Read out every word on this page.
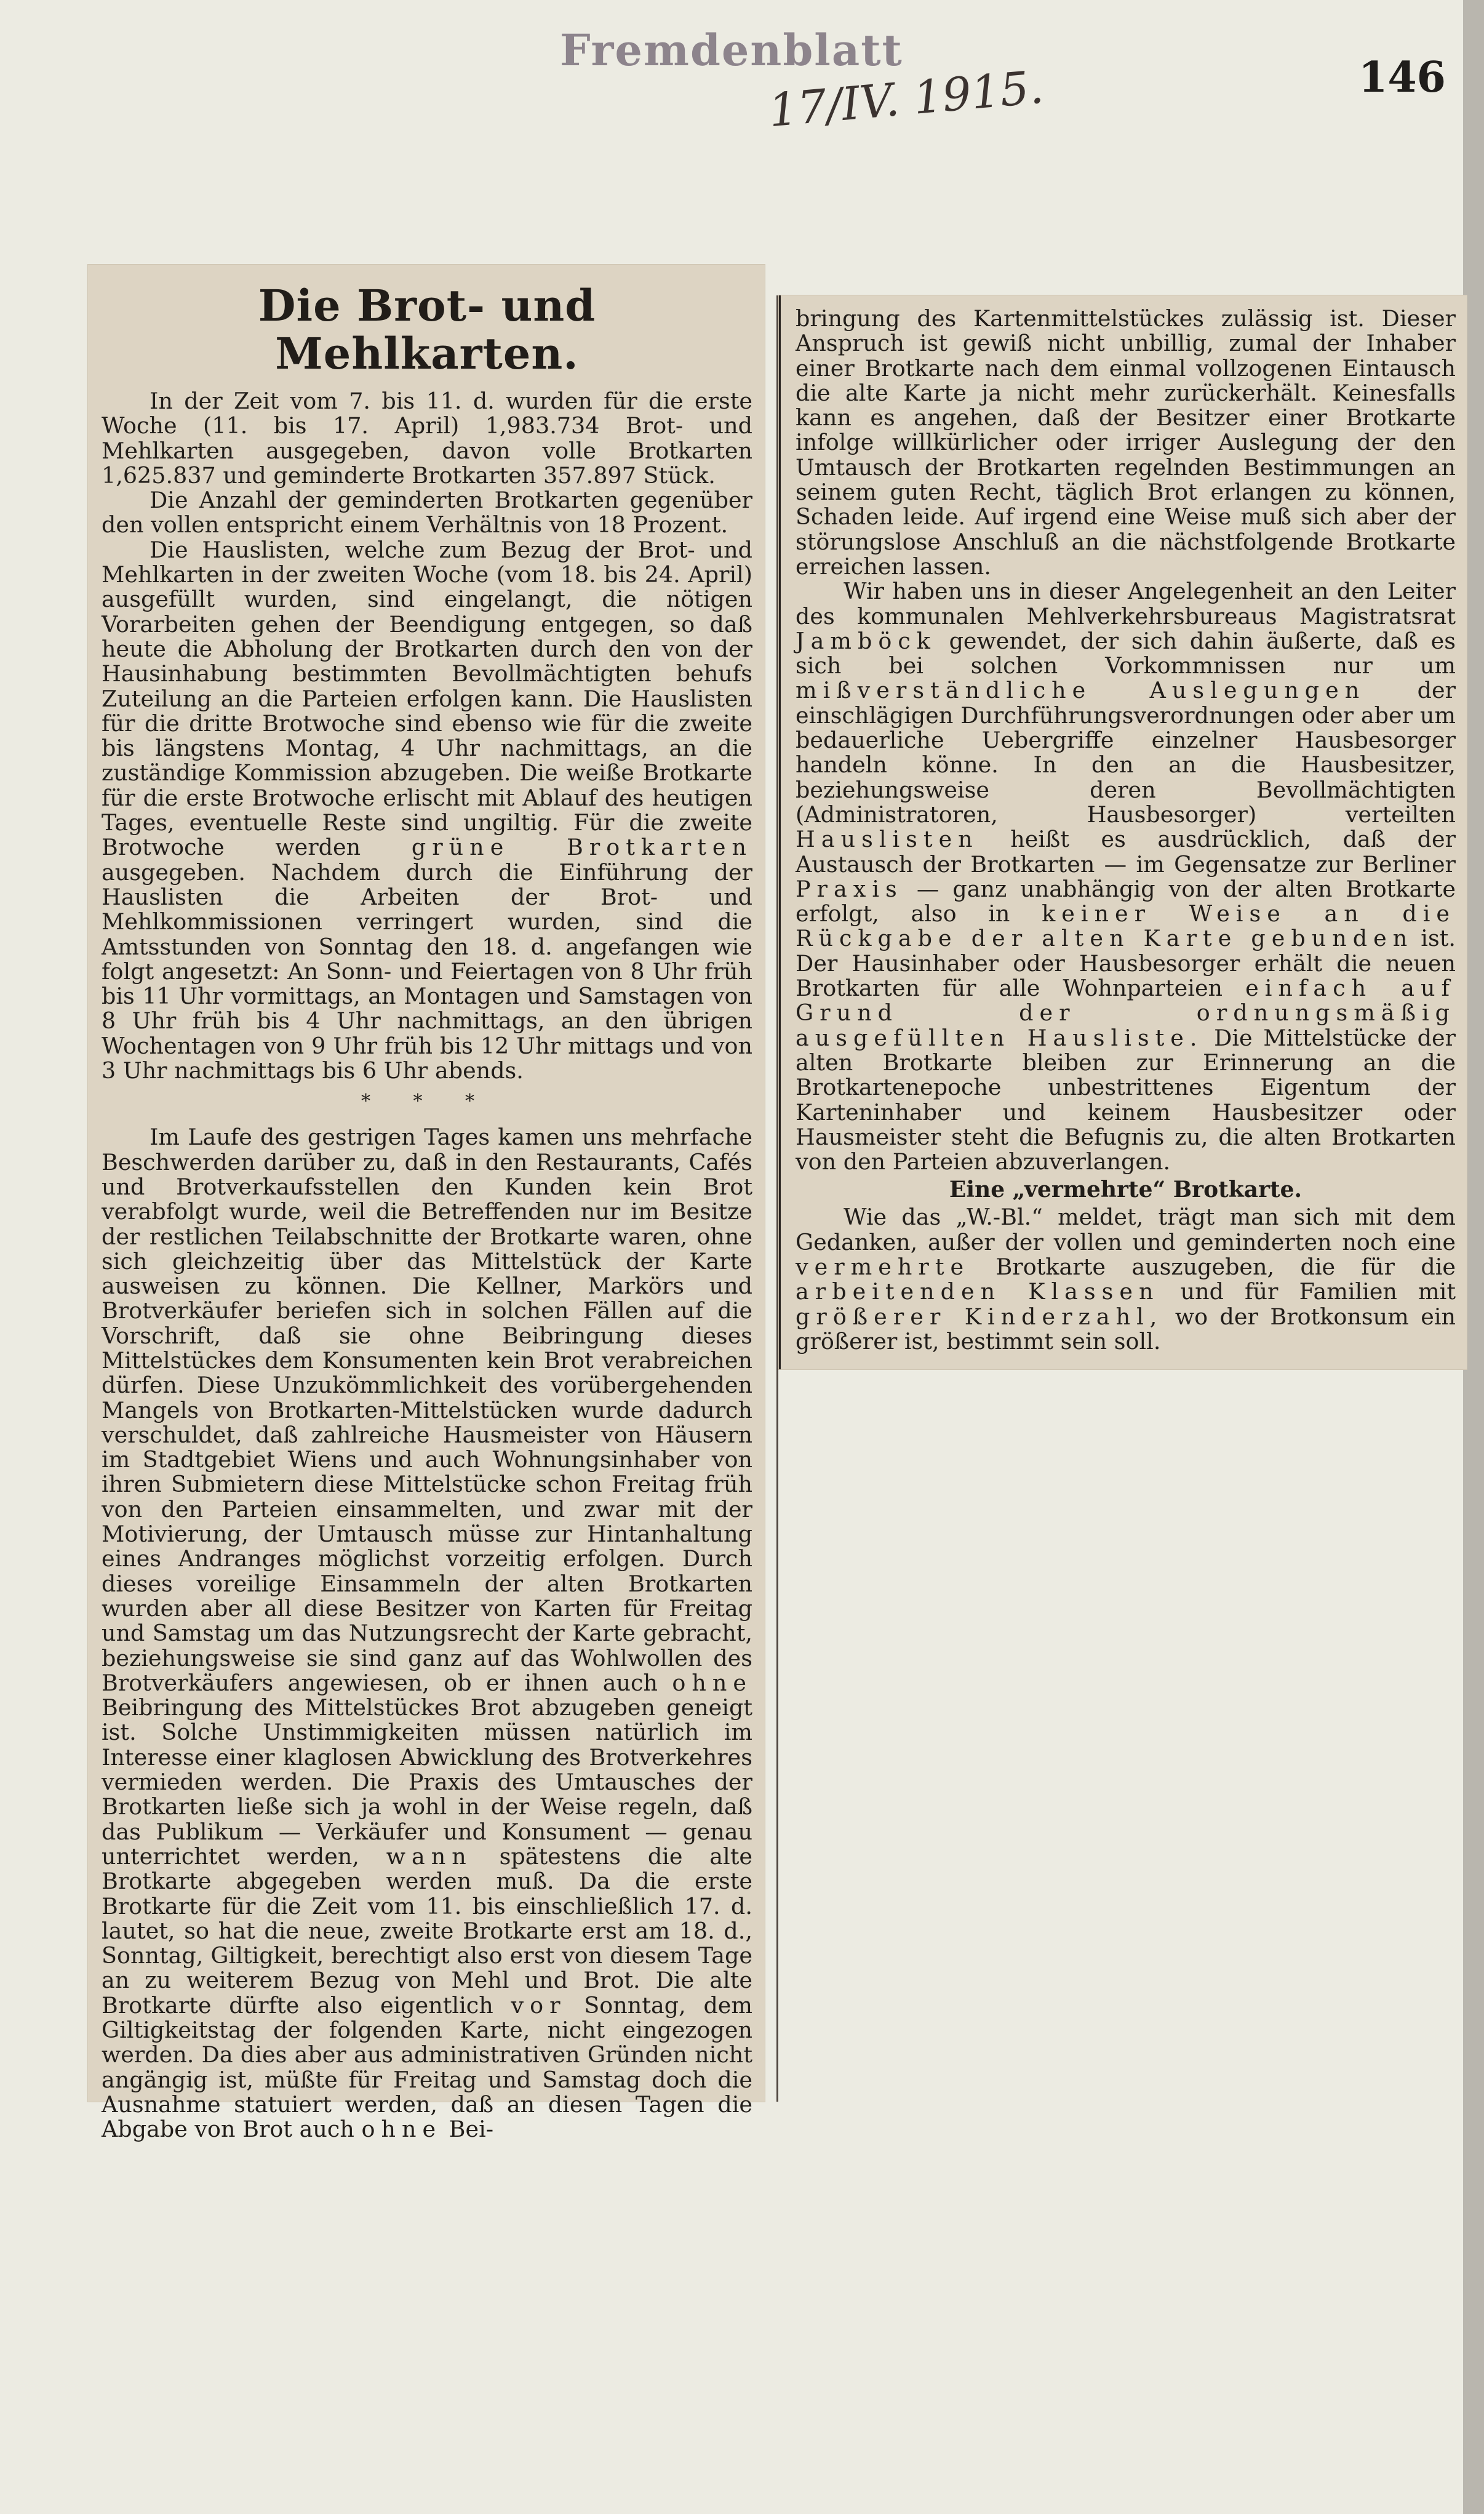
Fremdenblatt
17/IV. 1915.	146
Die Brot- und Mehlkarten.

In der Zeit vom 7. bis 11. d. wurden für die erste Woche (11. bis 17. April) 1,983.734 Brot- und Mehlkarten ausgegeben, davon volle Brotkarten 1,625.837 und geminderte Brotkarten 357.897 Stück.

Die Anzahl der geminderten Brotkarten gegenüber den vollen entspricht einem Verhältnis von 18 Prozent.

Die Hauslisten, welche zum Bezug der Brot- und Mehlkarten in der zweiten Woche (vom 18. bis 24. April) ausgefüllt wurden, sind eingelangt, die nötigen Vorarbeiten gehen der Beendigung entgegen, so daß heute die Abholung der Brotkarten durch den von der Hausinhabung bestimmten Bevollmächtigten behufs Zuteilung an die Parteien erfolgen kann. Die Hauslisten für die dritte Brotwoche sind ebenso wie für die zweite bis längstens Montag, 4 Uhr nachmittags, an die zuständige Kommission abzugeben. Die weiße Brotkarte für die erste Brotwoche erlischt mit Ablauf des heutigen Tages, eventuelle Reste sind ungiltig. Für die zweite Brotwoche werden grüne Brotkarten ausgegeben. Nachdem durch die Einführung der Hauslisten die Arbeiten der Brot- und Mehlkommissionen verringert wurden, sind die Amtsstunden von Sonntag den 18. d. angefangen wie folgt angesetzt: An Sonn- und Feiertagen von 8 Uhr früh bis 11 Uhr vormittags, an Montagen und Samstagen von 8 Uhr früh bis 4 Uhr nachmittags, an den übrigen Wochentagen von 9 Uhr früh bis 12 Uhr mittags und von 3 Uhr nachmittags bis 6 Uhr abends.

* * *

Im Laufe des gestrigen Tages kamen uns mehrfache Beschwerden darüber zu, daß in den Restaurants, Cafés und Brotverkaufsstellen den Kunden kein Brot verabfolgt wurde, weil die Betreffenden nur im Besitze der restlichen Teilabschnitte der Brotkarte waren, ohne sich gleichzeitig über das Mittelstück der Karte ausweisen zu können. Die Kellner, Markörs und Brotverkäufer beriefen sich in solchen Fällen auf die Vorschrift, daß sie ohne Beibringung dieses Mittelstückes dem Konsumenten kein Brot verabreichen dürfen. Diese Unzukömmlichkeit des vorübergehenden Mangels von Brotkarten-Mittelstücken wurde dadurch verschuldet, daß zahlreiche Hausmeister von Häusern im Stadtgebiet Wiens und auch Wohnungsinhaber von ihren Submietern diese Mittelstücke schon Freitag früh von den Parteien einsammelten, und zwar mit der Motivierung, der Umtausch müsse zur Hintanhaltung eines Andranges möglichst vorzeitig erfolgen. Durch dieses voreilige Einsammeln der alten Brotkarten wurden aber all diese Besitzer von Karten für Freitag und Samstag um das Nutzungsrecht der Karte gebracht, beziehungsweise sie sind ganz auf das Wohlwollen des Brotverkäufers angewiesen, ob er ihnen auch ohne Beibringung des Mittelstückes Brot abzugeben geneigt ist. Solche Unstimmigkeiten müssen natürlich im Interesse einer klaglosen Abwicklung des Brotverkehres vermieden werden. Die Praxis des Umtausches der Brotkarten ließe sich ja wohl in der Weise regeln, daß das Publikum — Verkäufer und Konsument — genau unterrichtet werden, wann spätestens die alte Brotkarte abgegeben werden muß. Da die erste Brotkarte für die Zeit vom 11. bis einschließlich 17. d. lautet, so hat die neue, zweite Brotkarte erst am 18. d., Sonntag, Giltigkeit, berechtigt also erst von diesem Tage an zu weiterem Bezug von Mehl und Brot. Die alte Brotkarte dürfte also eigentlich vor Sonntag, dem Giltigkeitstag der folgenden Karte, nicht eingezogen werden. Da dies aber aus administrativen Gründen nicht angängig ist, müßte für Freitag und Samstag doch die Ausnahme statuiert werden, daß an diesen Tagen die Abgabe von Brot auch ohne Bei-

bringung des Kartenmittelstückes zulässig ist. Dieser Anspruch ist gewiß nicht unbillig, zumal der Inhaber einer Brotkarte nach dem einmal vollzogenen Eintausch die alte Karte ja nicht mehr zurückerhält. Keinesfalls kann es angehen, daß der Besitzer einer Brotkarte infolge willkürlicher oder irriger Auslegung der den Umtausch der Brotkarten regelnden Bestimmungen an seinem guten Recht, täglich Brot erlangen zu können, Schaden leide. Auf irgend eine Weise muß sich aber der störungslose Anschluß an die nächstfolgende Brotkarte erreichen lassen.

Wir haben uns in dieser Angelegenheit an den Leiter des kommunalen Mehlverkehrsbureaus Magistratsrat Jamböck gewendet, der sich dahin äußerte, daß es sich bei solchen Vorkommnissen nur um mißverständliche Auslegungen der einschlägigen Durchführungsverordnungen oder aber um bedauerliche Uebergriffe einzelner Hausbesorger handeln könne. In den an die Hausbesitzer, beziehungsweise deren Bevollmächtigten (Administratoren, Hausbesorger) verteilten Hauslisten heißt es ausdrücklich, daß der Austausch der Brotkarten — im Gegensatze zur Berliner Praxis — ganz unabhängig von der alten Brotkarte erfolgt, also in keiner Weise an die Rückgabe der alten Karte gebunden ist. Der Hausinhaber oder Hausbesorger erhält die neuen Brotkarten für alle Wohnparteien einfach auf Grund der ordnungsmäßig ausgefüllten Hausliste. Die Mittelstücke der alten Brotkarte bleiben zur Erinnerung an die Brotkartenepoche unbestrittenes Eigentum der Karteninhaber und keinem Hausbesitzer oder Hausmeister steht die Befugnis zu, die alten Brotkarten von den Parteien abzuverlangen.

Eine „vermehrte“ Brotkarte.

Wie das „W.-Bl.“ meldet, trägt man sich mit dem Gedanken, außer der vollen und geminderten noch eine vermehrte Brotkarte auszugeben, die für die arbeitenden Klassen und für Familien mit größerer Kinderzahl, wo der Brotkonsum ein größerer ist, bestimmt sein soll.
